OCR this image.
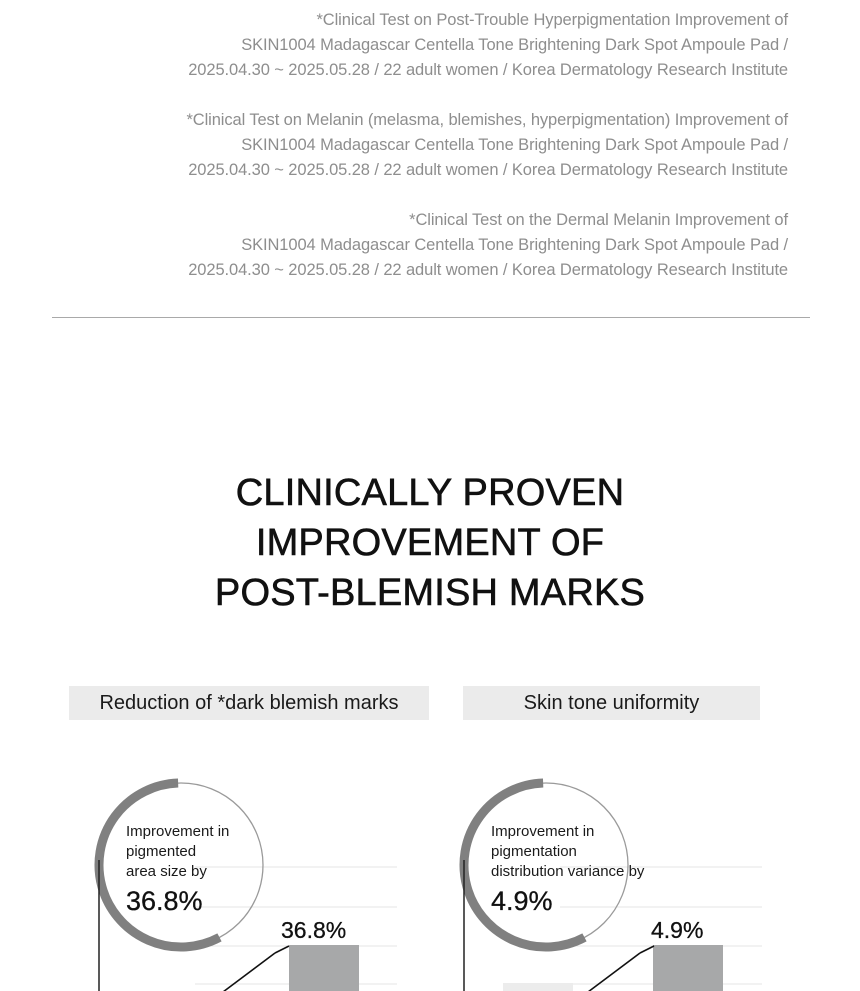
*Clinical Test on Post-Trouble Hyperpigmentation Improvement of
SKIN1004 Madagascar Centella Tone Brightening Dark Spot Ampoule Pad /
2025.04.30 ~ 2025.05.28 / 22 adult women / Korea Dermatology Research Institute
*Clinical Test on Melanin (melasma, blemishes, hyperpigmentation) Improvement of
SKIN1004 Madagascar Centella Tone Brightening Dark Spot Ampoule Pad /
2025.04.30 ~ 2025.05.28 / 22 adult women / Korea Dermatology Research Institute
*Clinical Test on the Dermal Melanin Improvement of
SKIN1004 Madagascar Centella Tone Brightening Dark Spot Ampoule Pad /
2025.04.30 ~ 2025.05.28 / 22 adult women / Korea Dermatology Research Institute
CLINICALLY PROVEN
IMPROVEMENT OF
POST-BLEMISH MARKS
Reduction of *dark blemish marks	Skin tone uniformity
Improvement in
pigmented
area size by
36.8%
36.8%
Improvement in
pigmentation
distribution variance by
4.9%
4.9%
